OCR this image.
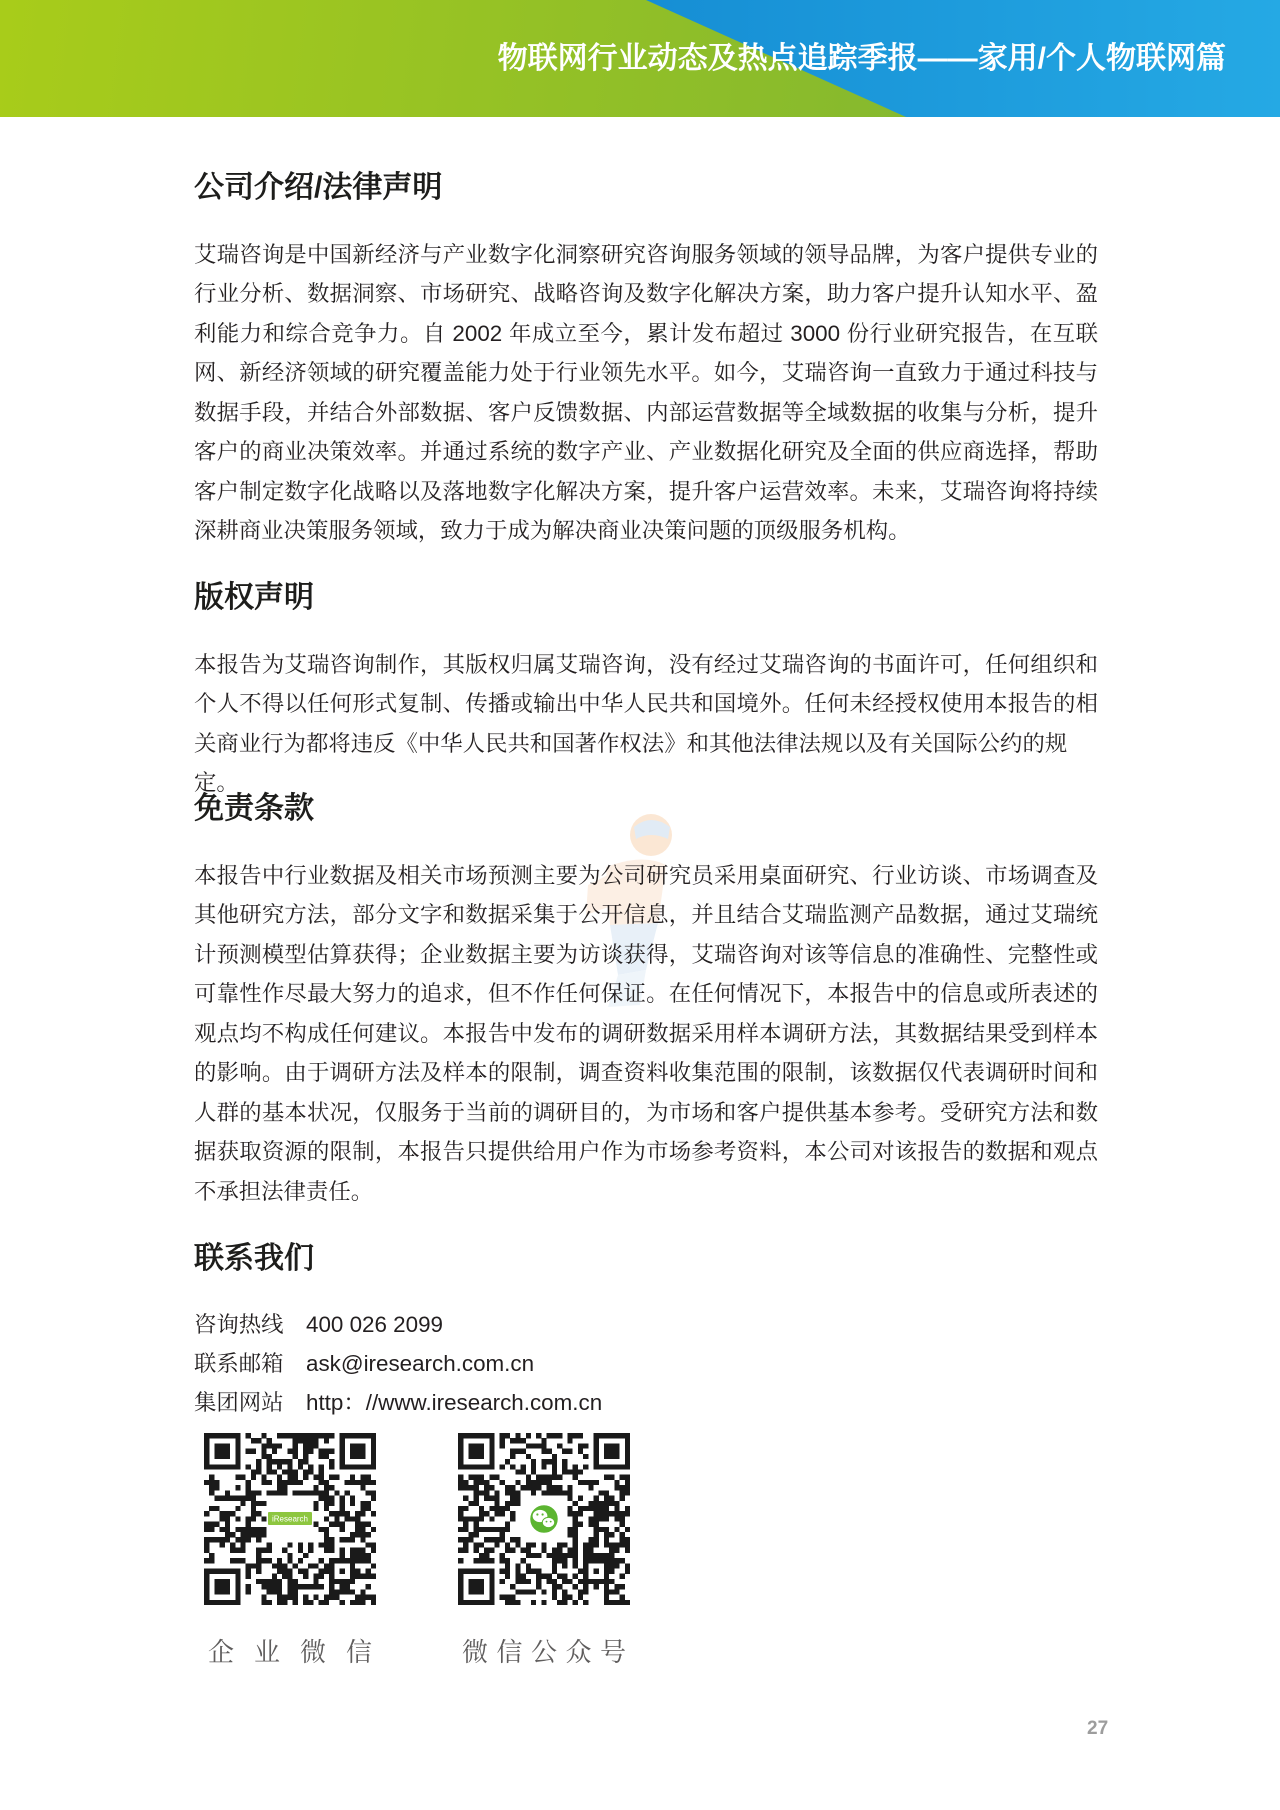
物联网行业动态及热点追踪季报——家用/个人物联网篇
公司介绍/法律声明
艾瑞咨询是中国新经济与产业数字化洞察研究咨询服务领域的领导品牌，为客户提供专业的
行业分析、数据洞察、市场研究、战略咨询及数字化解决方案，助力客户提升认知水平、盈
利能力和综合竞争力。自 2002 年成立至今，累计发布超过 3000 份行业研究报告，在互联
网、新经济领域的研究覆盖能力处于行业领先水平。如今，艾瑞咨询一直致力于通过科技与
数据手段，并结合外部数据、客户反馈数据、内部运营数据等全域数据的收集与分析，提升
客户的商业决策效率。并通过系统的数字产业、产业数据化研究及全面的供应商选择，帮助
客户制定数字化战略以及落地数字化解决方案，提升客户运营效率。未来，艾瑞咨询将持续
深耕商业决策服务领域，致力于成为解决商业决策问题的顶级服务机构。
版权声明
本报告为艾瑞咨询制作，其版权归属艾瑞咨询，没有经过艾瑞咨询的书面许可，任何组织和
个人不得以任何形式复制、传播或输出中华人民共和国境外。任何未经授权使用本报告的相
关商业行为都将违反《中华人民共和国著作权法》和其他法律法规以及有关国际公约的规定。
免责条款
本报告中行业数据及相关市场预测主要为公司研究员采用桌面研究、行业访谈、市场调查及
其他研究方法，部分文字和数据采集于公开信息，并且结合艾瑞监测产品数据，通过艾瑞统
计预测模型估算获得；企业数据主要为访谈获得，艾瑞咨询对该等信息的准确性、完整性或
可靠性作尽最大努力的追求，但不作任何保证。在任何情况下，本报告中的信息或所表述的
观点均不构成任何建议。本报告中发布的调研数据采用样本调研方法，其数据结果受到样本
的影响。由于调研方法及样本的限制，调查资料收集范围的限制，该数据仅代表调研时间和
人群的基本状况，仅服务于当前的调研目的，为市场和客户提供基本参考。受研究方法和数
据获取资源的限制，本报告只提供给用户作为市场参考资料，本公司对该报告的数据和观点
不承担法律责任。
联系我们
咨询热线	400 026 2099
联系邮箱	ask@iresearch.com.cn
集团网站	http：//www.iresearch.com.cn
iResearch
企业微信	微信公众号
27
